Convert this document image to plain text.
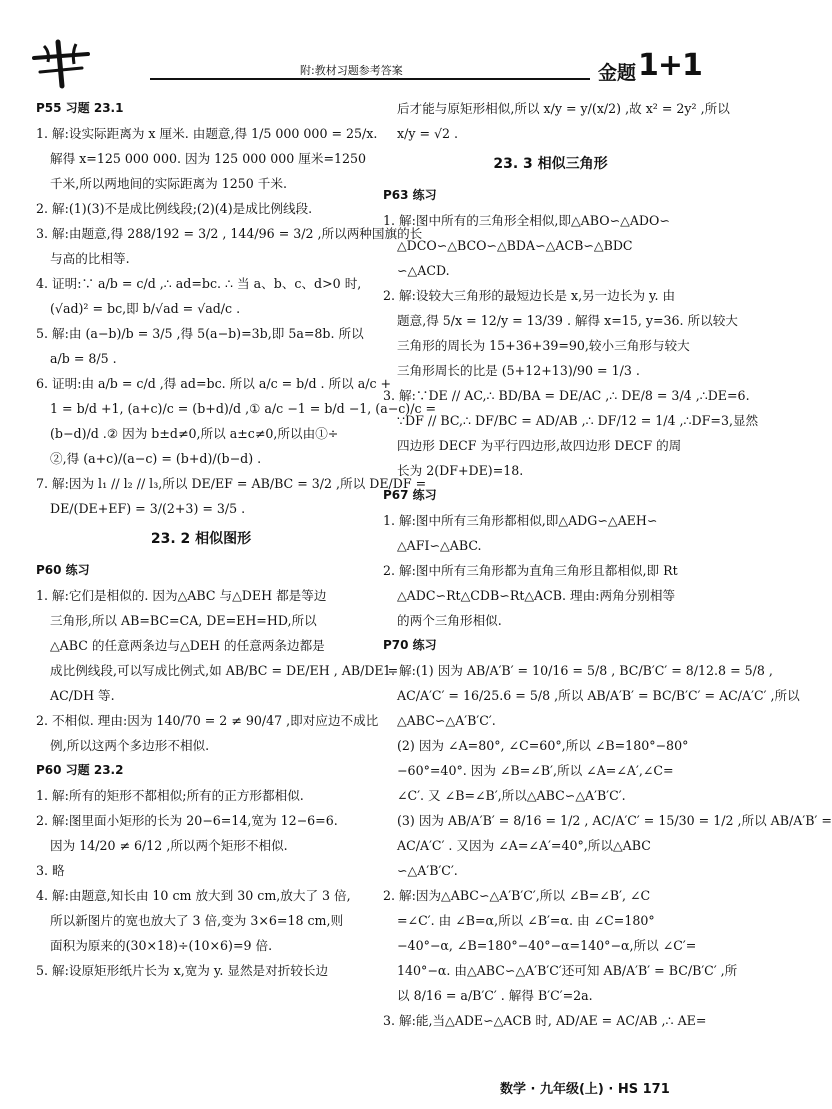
附:教材习题参考答案	金题 1+1
P55 习题 23.1
1. 解:设实际距离为 x 厘米. 由题意,得 1/5 000 000 = 25/x.
解得 x=125 000 000. 因为 125 000 000 厘米=1250
千米,所以两地间的实际距离为 1250 千米.
2. 解:(1)(3)不是成比例线段;(2)(4)是成比例线段.
3. 解:由题意,得 288/192 = 3/2 , 144/96 = 3/2 ,所以两种国旗的长
与高的比相等.
4. 证明:∵ a/b = c/d ,∴ ad=bc. ∴ 当 a、b、c、d>0 时,
(√ad)² = bc,即 b/√ad = √ad/c .
5. 解:由 (a−b)/b = 3/5 ,得 5(a−b)=3b,即 5a=8b. 所以
a/b = 8/5 .
6. 证明:由 a/b = c/d ,得 ad=bc. 所以 a/c = b/d . 所以 a/c +
1 = b/d +1, (a+c)/c = (b+d)/d ,① a/c −1 = b/d −1, (a−c)/c =
(b−d)/d .② 因为 b±d≠0,所以 a±c≠0,所以由①÷
②,得 (a+c)/(a−c) = (b+d)/(b−d) .
7. 解:因为 l₁ // l₂ // l₃,所以 DE/EF = AB/BC = 3/2 ,所以 DE/DF =
DE/(DE+EF) = 3/(2+3) = 3/5 .
23. 2 相似图形
P60 练习
1. 解:它们是相似的. 因为△ABC 与△DEH 都是等边
三角形,所以 AB=BC=CA, DE=EH=HD,所以
△ABC 的任意两条边与△DEH 的任意两条边都是
成比例线段,可以写成比例式,如 AB/BC = DE/EH , AB/DE =
AC/DH 等.
2. 不相似. 理由:因为 140/70 = 2 ≠ 90/47 ,即对应边不成比
例,所以这两个多边形不相似.
P60 习题 23.2
1. 解:所有的矩形不都相似;所有的正方形都相似.
2. 解:图里面小矩形的长为 20−6=14,宽为 12−6=6.
因为 14/20 ≠ 6/12 ,所以两个矩形不相似.
3. 略
4. 解:由题意,知长由 10 cm 放大到 30 cm,放大了 3 倍,
所以新图片的宽也放大了 3 倍,变为 3×6=18 cm,则
面积为原来的(30×18)÷(10×6)=9 倍.
5. 解:设原矩形纸片长为 x,宽为 y. 显然是对折较长边
后才能与原矩形相似,所以 x/y = y/(x/2) ,故 x² = 2y² ,所以
x/y = √2 .
23. 3 相似三角形
P63 练习
1. 解:图中所有的三角形全相似,即△ABO∽△ADO∽
△DCO∽△BCO∽△BDA∽△ACB∽△BDC
∽△ACD.
2. 解:设较大三角形的最短边长是 x,另一边长为 y. 由
题意,得 5/x = 12/y = 13/39 . 解得 x=15, y=36. 所以较大
三角形的周长为 15+36+39=90,较小三角形与较大
三角形周长的比是 (5+12+13)/90 = 1/3 .
3. 解:∵DE // AC,∴ BD/BA = DE/AC ,∴ DE/8 = 3/4 ,∴DE=6.
∵DF // BC,∴ DF/BC = AD/AB ,∴ DF/12 = 1/4 ,∴DF=3,显然
四边形 DECF 为平行四边形,故四边形 DECF 的周
长为 2(DF+DE)=18.
P67 练习
1. 解:图中所有三角形都相似,即△ADG∽△AEH∽
△AFI∽△ABC.
2. 解:图中所有三角形都为直角三角形且都相似,即 Rt
△ADC∽Rt△CDB∽Rt△ACB. 理由:两角分别相等
的两个三角形相似.
P70 练习
1. 解:(1) 因为 AB/A′B′ = 10/16 = 5/8 , BC/B′C′ = 8/12.8 = 5/8 ,
AC/A′C′ = 16/25.6 = 5/8 ,所以 AB/A′B′ = BC/B′C′ = AC/A′C′ ,所以
△ABC∽△A′B′C′.
(2) 因为 ∠A=80°, ∠C=60°,所以 ∠B=180°−80°
−60°=40°. 因为 ∠B=∠B′,所以 ∠A=∠A′,∠C=
∠C′. 又 ∠B=∠B′,所以△ABC∽△A′B′C′.
(3) 因为 AB/A′B′ = 8/16 = 1/2 , AC/A′C′ = 15/30 = 1/2 ,所以 AB/A′B′ =
AC/A′C′ . 又因为 ∠A=∠A′=40°,所以△ABC
∽△A′B′C′.
2. 解:因为△ABC∽△A′B′C′,所以 ∠B=∠B′, ∠C
=∠C′. 由 ∠B=α,所以 ∠B′=α. 由 ∠C=180°
−40°−α, ∠B=180°−40°−α=140°−α,所以 ∠C′=
140°−α. 由△ABC∽△A′B′C′还可知 AB/A′B′ = BC/B′C′ ,所
以 8/16 = a/B′C′ . 解得 B′C′=2a.
3. 解:能,当△ADE∽△ACB 时, AD/AE = AC/AB ,∴ AE=
数学 · 九年级(上) · HS 171
